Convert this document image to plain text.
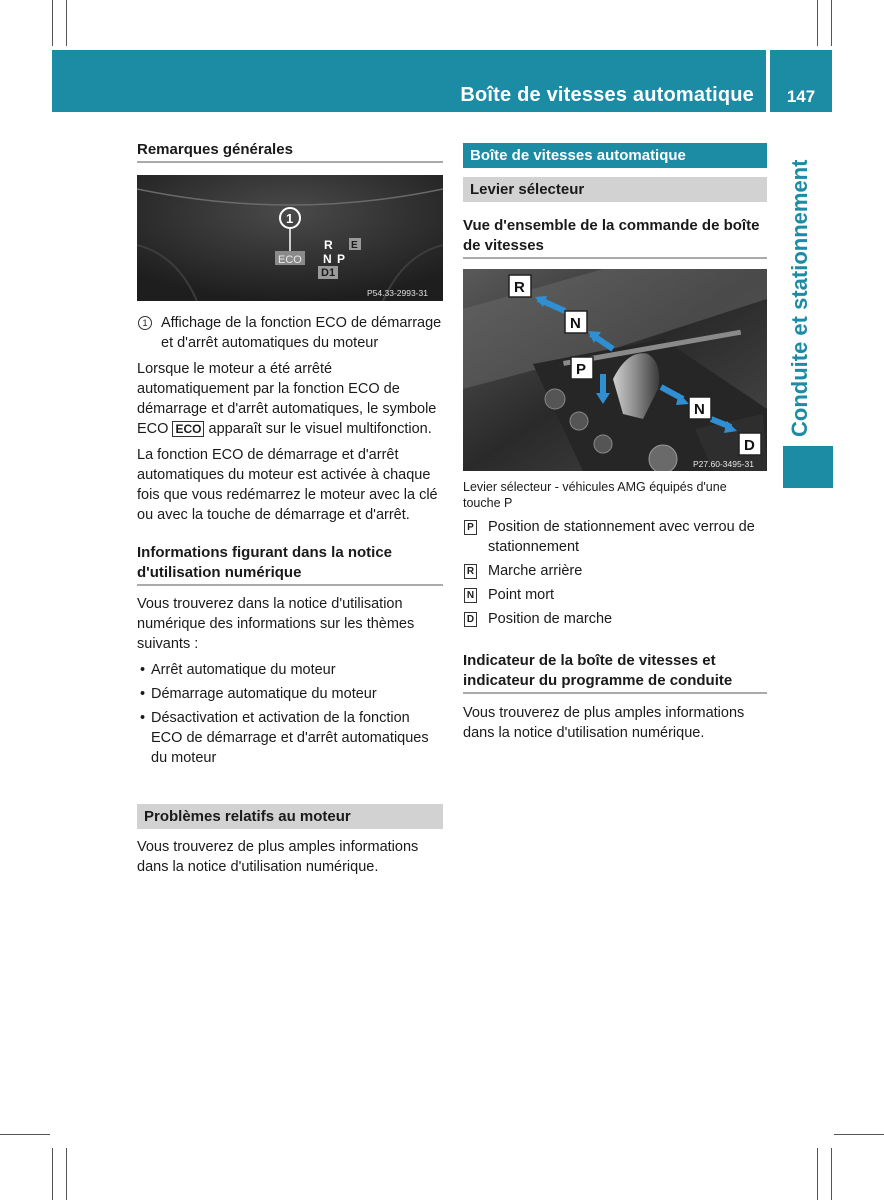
Boîte de vitesses automatique	147
Conduite et stationnement
Remarques générales
1
ECO
R
N P
D1
E
P54.33-2993-31
1 Affichage de la fonction ECO de démarrage et d'arrêt automatiques du moteur

Lorsque le moteur a été arrêté automatiquement par la fonction ECO de démarrage et d'arrêt automatiques, le symbole ECO ECO apparaît sur le visuel multifonction.

La fonction ECO de démarrage et d'arrêt automatiques du moteur est activée à chaque fois que vous redémarrez le moteur avec la clé ou avec la touche de démarrage et d'arrêt.

Informations figurant dans la notice d'utilisation numérique

Vous trouverez dans la notice d'utilisation numérique des informations sur les thèmes suivants :

• Arrêt automatique du moteur
• Démarrage automatique du moteur
• Désactivation et activation de la fonction ECO de démarrage et d'arrêt automatiques du moteur
Problèmes relatifs au moteur

Vous trouverez de plus amples informations dans la notice d'utilisation numérique.

Boîte de vitesses automatique
Levier sélecteur
Vue d'ensemble de la commande de boîte de vitesses
R
N
P
N
D
P27.60-3495-31

Levier sélecteur - véhicules AMG équipés d'une touche P

P Position de stationnement avec verrou de stationnement
R Marche arrière
N Point mort
D Position de marche
Indicateur de la boîte de vitesses et indicateur du programme de conduite

Vous trouverez de plus amples informations dans la notice d'utilisation numérique.
